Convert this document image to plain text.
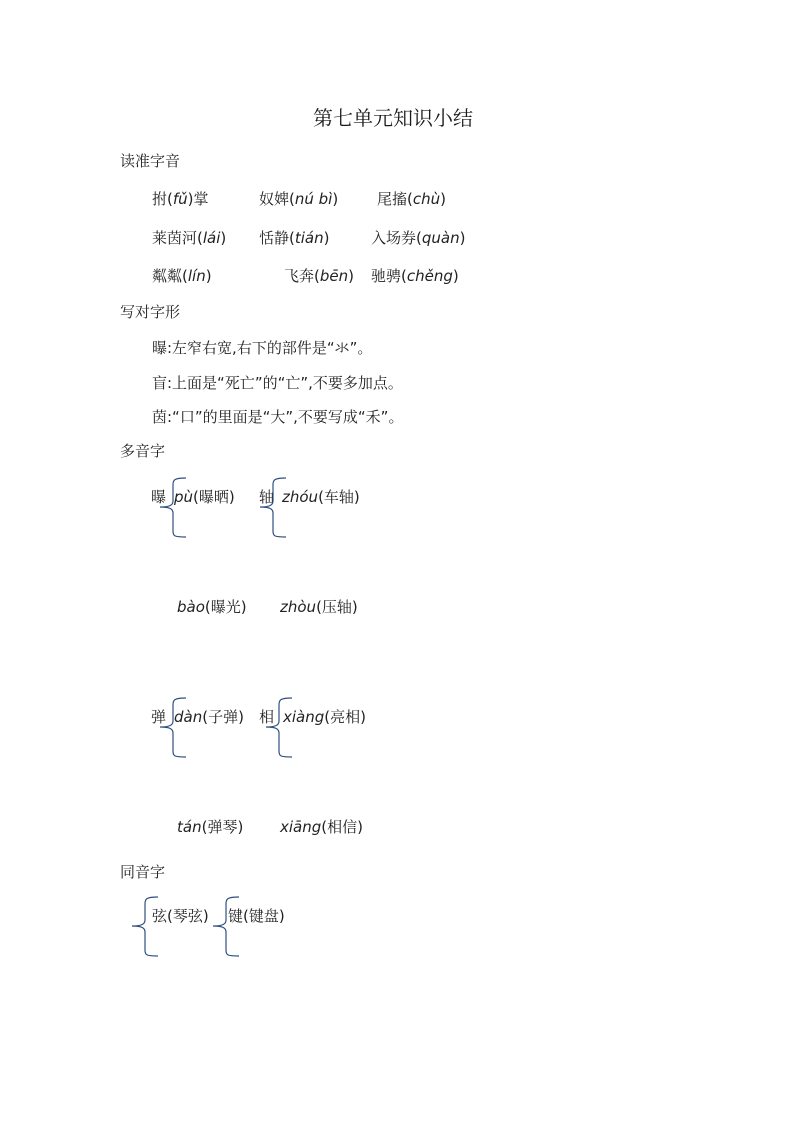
第七单元知识小结
读准字音
拊(fǔ)掌	奴婢(nú bì)	尾搐(chù)
莱茵河(lái) 恬静(tián)	入场券(quàn)
粼粼(lín)	飞奔(bēn) 驰骋(chěng)
写对字形
曝:左窄右宽,右下的部件是“氺”。
盲:上面是“死亡”的“亡”,不要多加点。
茵:“口”的里面是“大”,不要写成“禾”。
多音字
曝 pù(曝晒)
bào(曝光)
轴 zhóu(车轴)
zhòu(压轴)
弹 dàn(子弹)
tán(弹琴)
相 xiàng(亮相)
xiāng(相信)
同音字
弦(琴弦) 键(键盘)
